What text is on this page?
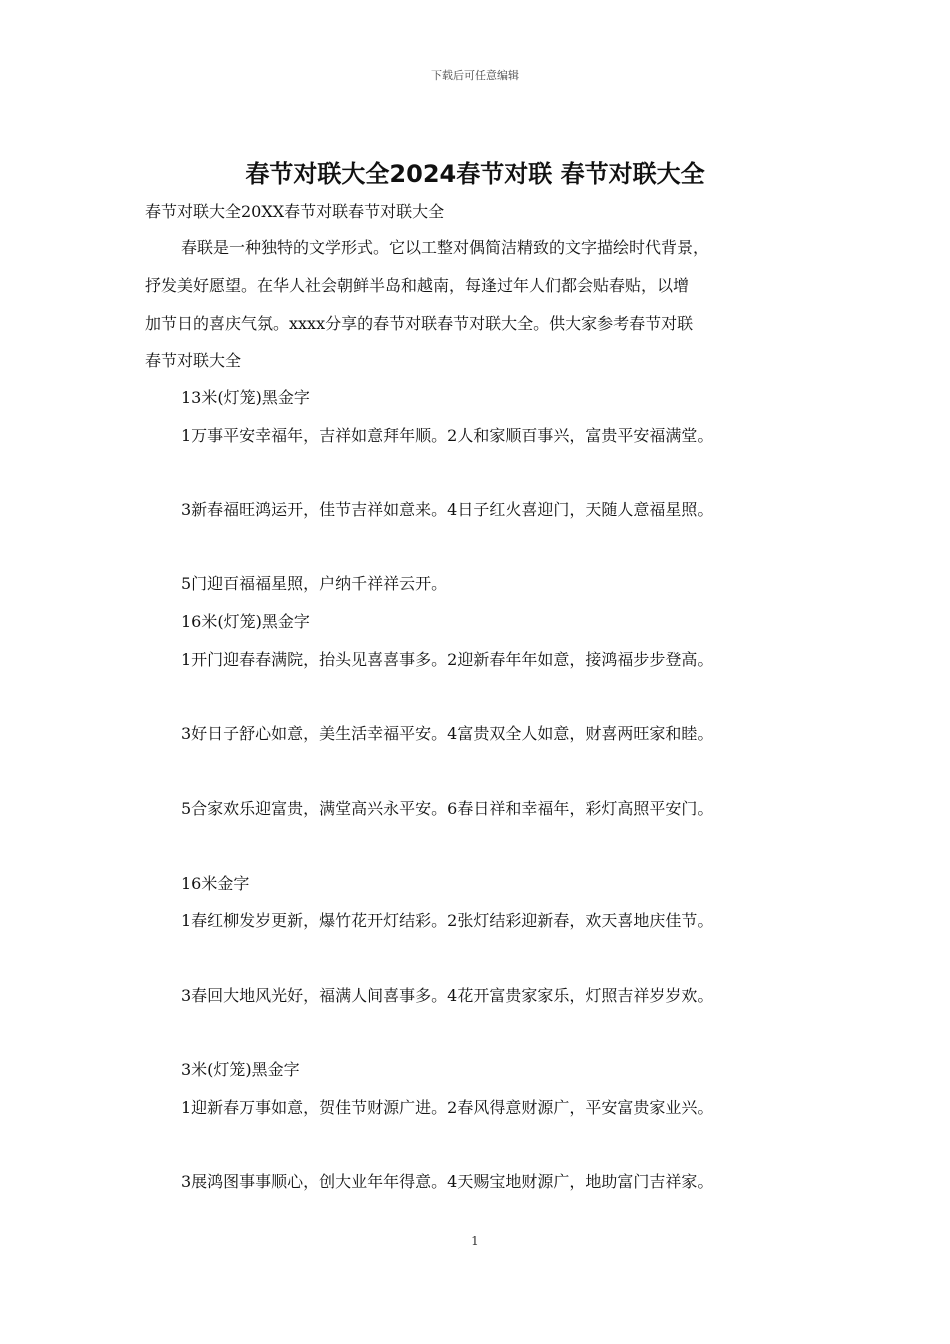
下载后可任意编辑
春节对联大全2024春节对联 春节对联大全
春节对联大全20XX春节对联春节对联大全
春联是一种独特的文学形式。它以工整对偶简洁精致的文字描绘时代背景，
抒发美好愿望。在华人社会朝鲜半岛和越南，每逢过年人们都会贴春贴，以增
加节日的喜庆气氛。xxxx分享的春节对联春节对联大全。供大家参考春节对联
春节对联大全
13米(灯笼)黑金字
1万事平安幸福年，吉祥如意拜年顺。2人和家顺百事兴，富贵平安福满堂。
3新春福旺鸿运开，佳节吉祥如意来。4日子红火喜迎门，天随人意福星照。
5门迎百福福星照，户纳千祥祥云开。
16米(灯笼)黑金字
1开门迎春春满院，抬头见喜喜事多。2迎新春年年如意，接鸿福步步登高。
3好日子舒心如意，美生活幸福平安。4富贵双全人如意，财喜两旺家和睦。
5合家欢乐迎富贵，满堂高兴永平安。6春日祥和幸福年，彩灯高照平安门。
16米金字
1春红柳发岁更新，爆竹花开灯结彩。2张灯结彩迎新春，欢天喜地庆佳节。
3春回大地风光好，福满人间喜事多。4花开富贵家家乐，灯照吉祥岁岁欢。
3米(灯笼)黑金字
1迎新春万事如意，贺佳节财源广进。2春风得意财源广，平安富贵家业兴。
3展鸿图事事顺心，创大业年年得意。4天赐宝地财源广，地助富门吉祥家。
1
